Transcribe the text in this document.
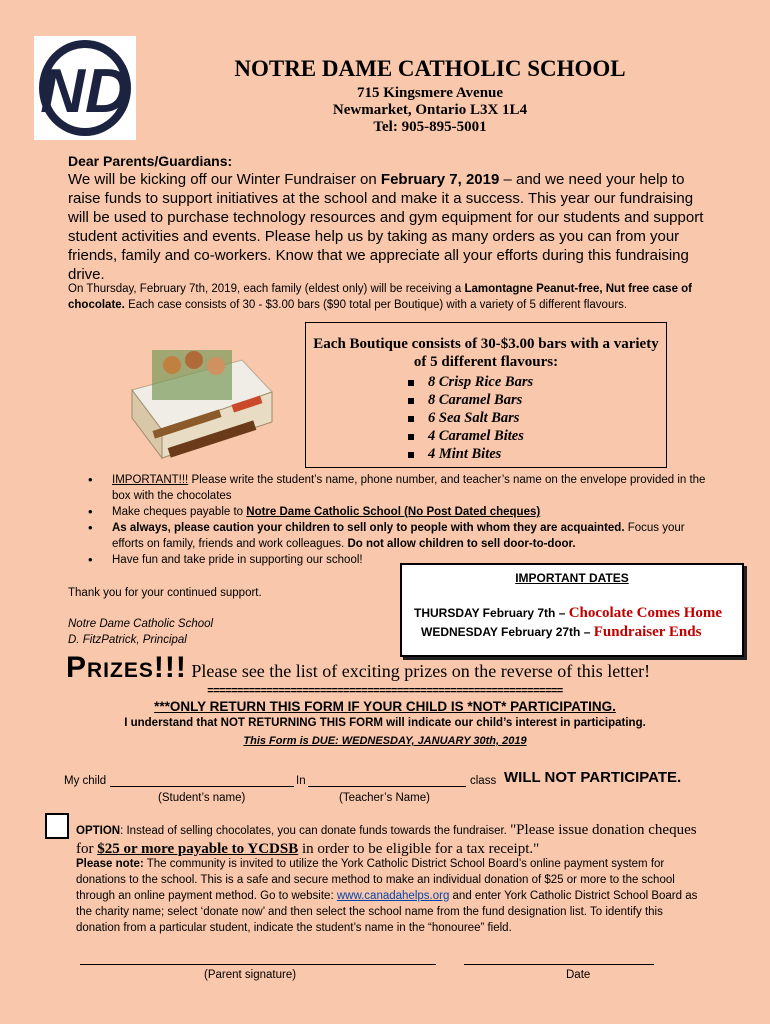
ND	NOTRE DAME CATHOLIC SCHOOL
715 Kingsmere Avenue
Newmarket, Ontario L3X 1L4
Tel: 905-895-5001
Dear Parents/Guardians:
We will be kicking off our Winter Fundraiser on February 7, 2019 – and we need your help to raise funds to support initiatives at the school and make it a success. This year our fundraising will be used to purchase technology resources and gym equipment for our students and support student activities and events. Please help us by taking as many orders as you can from your friends, family and co-workers. Know that we appreciate all your efforts during this fundraising drive.
On Thursday, February 7th, 2019, each family (eldest only) will be receiving a Lamontagne Peanut-free, Nut free case of chocolate. Each case consists of 30 - $3.00 bars ($90 total per Boutique) with a variety of 5 different flavours.
Each Boutique consists of 30-$3.00 bars with a variety of 5 different flavours:
8 Crisp Rice Bars
8 Caramel Bars
6 Sea Salt Bars
4 Caramel Bites
4 Mint Bites
• IMPORTANT!!! Please write the student’s name, phone number, and teacher’s name on the envelope provided in the box with the chocolates
• Make cheques payable to Notre Dame Catholic School (No Post Dated cheques)
• As always, please caution your children to sell only to people with whom they are acquainted. Focus your efforts on family, friends and work colleagues. Do not allow children to sell door-to-door.
• Have fun and take pride in supporting our school!
Thank you for your continued support.
Notre Dame Catholic School
D. FitzPatrick, Principal
IMPORTANT DATES
THURSDAY February 7th – Chocolate Comes Home
WEDNESDAY February 27th – Fundraiser Ends
Prizes!!! Please see the list of exciting prizes on the reverse of this letter!
============================================================
***ONLY RETURN THIS FORM IF YOUR CHILD IS *NOT* PARTICIPATING.
I understand that NOT RETURNING THIS FORM will indicate our child’s interest in participating.
This Form is DUE: WEDNESDAY, JANUARY 30th, 2019
My child	In	class WILL NOT PARTICIPATE.
(Student’s name)	(Teacher’s Name)
OPTION: Instead of selling chocolates, you can donate funds towards the fundraiser. "Please issue donation cheques for $25 or more payable to YCDSB in order to be eligible for a tax receipt."
Please note: The community is invited to utilize the York Catholic District School Board’s online payment system for donations to the school. This is a safe and secure method to make an individual donation of $25 or more to the school through an online payment method. Go to website: www.canadahelps.org and enter York Catholic District School Board as the charity name; select ‘donate now’ and then select the school name from the fund designation list. To identify this donation from a particular student, indicate the student’s name in the “honouree” field.
(Parent signature)	Date
